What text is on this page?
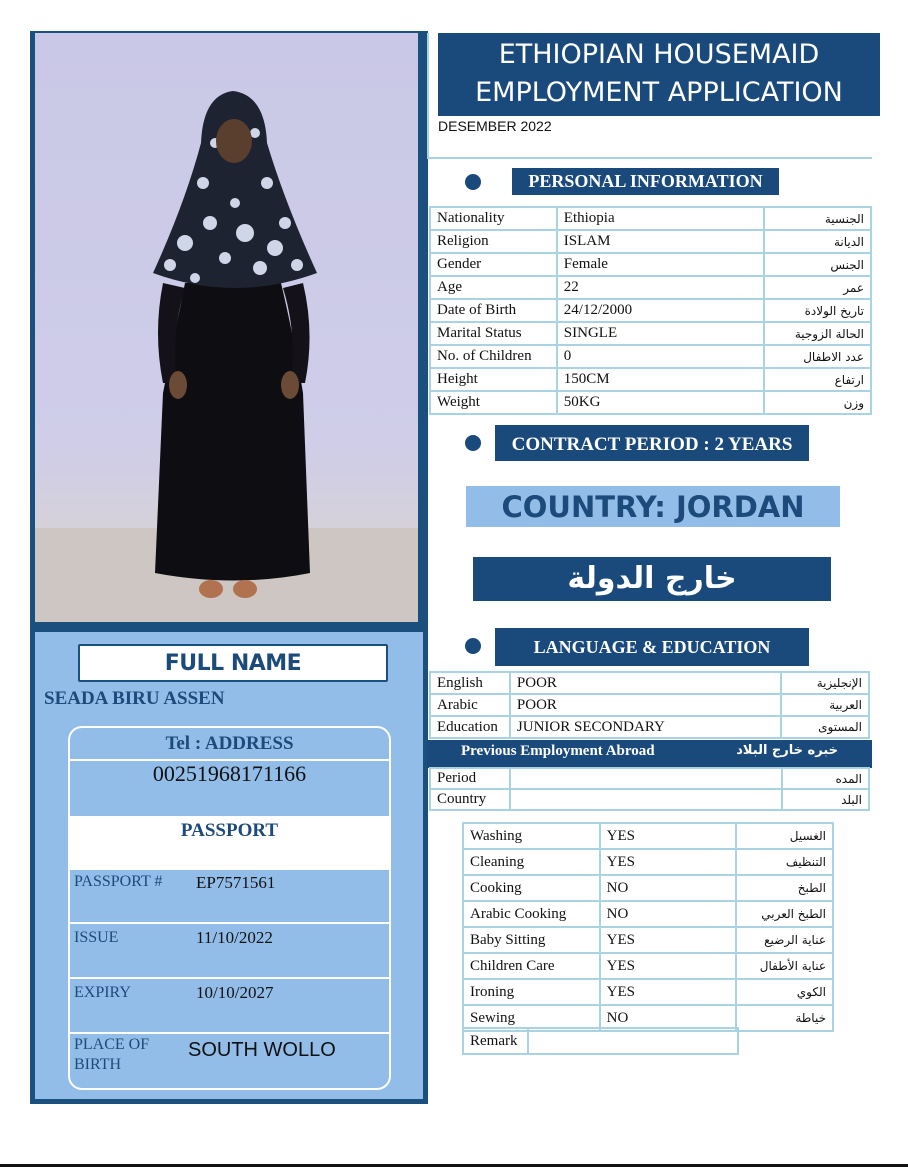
FULL NAME
SEADA BIRU ASSEN
Tel : ADDRESS
00251968171166
PASSPORT
PASSPORT # EP7571561
ISSUE	11/10/2022
EXPIRY	10/10/2027
PLACE OF
BIRTH
SOUTH WOLLO
ETHIOPIAN HOUSEMAID
EMPLOYMENT APPLICATION
DESEMBER 2022
PERSONAL INFORMATION
Nationality	Ethiopia	الجنسية
Religion	ISLAM	الديانة
Gender	Female	الجنس
Age	22	عمر
Date of Birth	24/12/2000	تاريخ الولادة
Marital Status	SINGLE	الحالة الزوجية
No. of Children	0	عدد الاطفال
Height	150CM	ارتفاع
Weight	50KG	وزن
CONTRACT PERIOD : 2 YEARS
COUNTRY: JORDAN
خارج الدولة
LANGUAGE & EDUCATION
English	POOR	الإنجليزية
Arabic	POOR	العربية
Education	JUNIOR SECONDARY	المستوى
Previous Employment Abroad	خبره خارج البلاد
Period		المده
Country		البلد
Washing	YES	الغسيل
Cleaning	YES	التنظيف
Cooking	NO	الطبخ
Arabic Cooking	NO	الطبخ العربي
Baby Sitting	YES	عناية الرضيع
Children Care	YES	عناية الأطفال
Ironing	YES	الكوي
Sewing	NO	خياطة
Remark	
